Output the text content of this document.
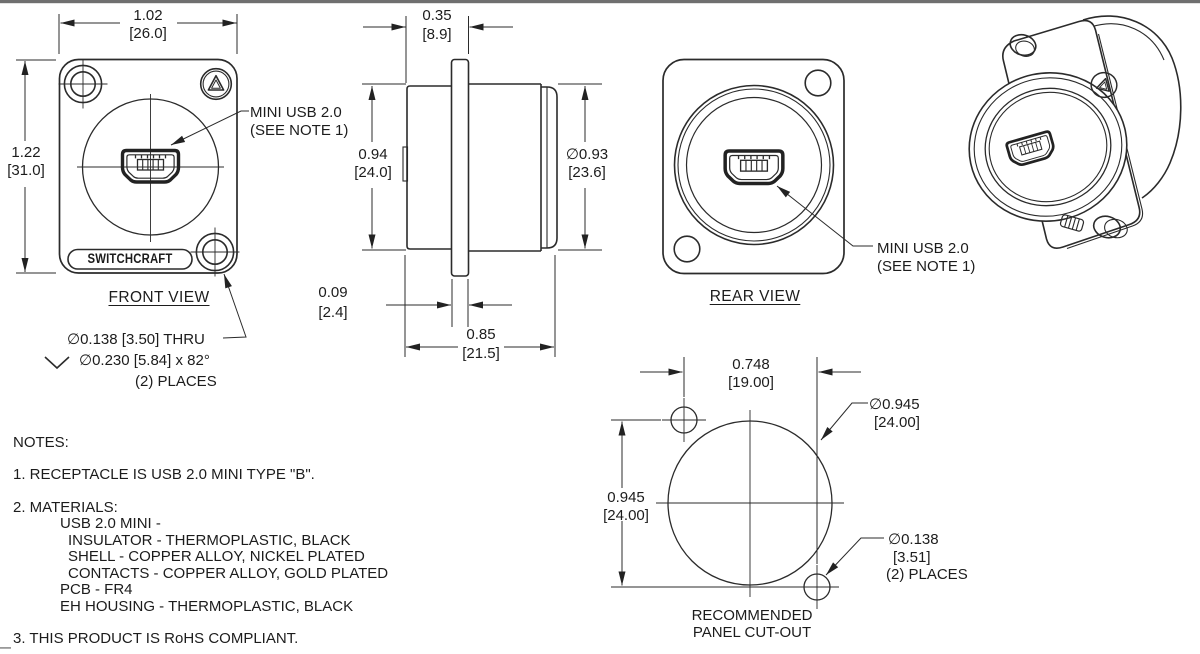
1.02
[26.0]
1.22
[31.0]
MINI USB 2.0
(SEE NOTE 1)
SWITCHCRAFT
FRONT VIEW
∅0.138 [3.50] THRU
∅0.230 [5.84] x 82°
(2) PLACES
0.35
[8.9]
0.94
[24.0]
∅0.93
[23.6]
0.09
[2.4]
0.85
[21.5]
MINI USB 2.0
(SEE NOTE 1)
REAR VIEW
0.748
[19.00]
0.945
[24.00]
∅0.945
[24.00]
∅0.138
[3.51]
(2) PLACES
RECOMMENDED
PANEL CUT-OUT
NOTES:
1. RECEPTACLE IS USB 2.0 MINI TYPE "B".
2. MATERIALS:
USB 2.0 MINI -
INSULATOR - THERMOPLASTIC, BLACK
SHELL - COPPER ALLOY, NICKEL PLATED
CONTACTS - COPPER ALLOY, GOLD PLATED
PCB - FR4
EH HOUSING - THERMOPLASTIC, BLACK
3. THIS PRODUCT IS RoHS COMPLIANT.
